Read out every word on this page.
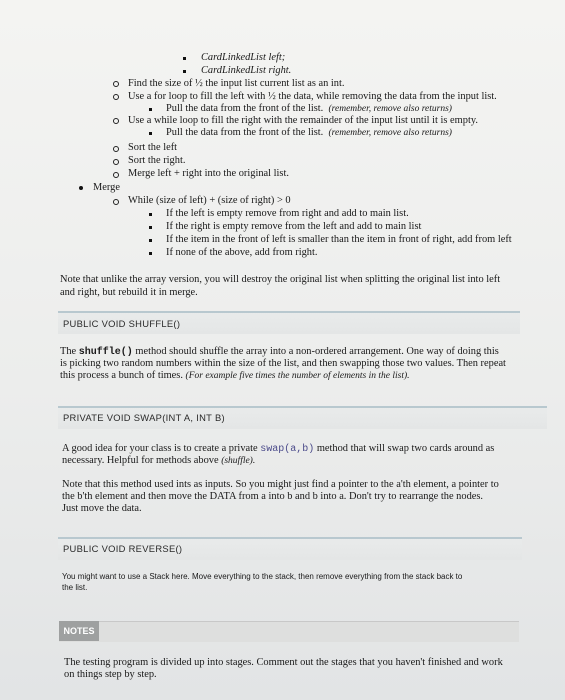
CardLinkedList left;
CardLinkedList right.
Find the size of ½ the input list current list as an int.
Use a for loop to fill the left with ½ the data, while removing the data from the input list.
Pull the data from the front of the list. (remember, remove also returns)
Use a while loop to fill the right with the remainder of the input list until it is empty.
Pull the data from the front of the list. (remember, remove also returns)
Sort the left
Sort the right.
Merge left + right into the original list.
Merge
While (size of left) + (size of right) > 0
If the left is empty remove from right and add to main list.
If the right is empty remove from the left and add to main list
If the item in the front of left is smaller than the item in front of right, add from left
If none of the above, add from right.
Note that unlike the array version, you will destroy the original list when splitting the original list into left
and right, but rebuild it in merge.
PUBLIC VOID SHUFFLE()
The shuffle() method should shuffle the array into a non-ordered arrangement. One way of doing this
is picking two random numbers within the size of the list, and then swapping those two values. Then repeat
this process a bunch of times. (For example five times the number of elements in the list).
PRIVATE VOID SWAP(INT A, INT B)
A good idea for your class is to create a private swap(a,b) method that will swap two cards around as
necessary. Helpful for methods above (shuffle).
Note that this method used ints as inputs. So you might just find a pointer to the a'th element, a pointer to
the b'th element and then move the DATA from a into b and b into a. Don't try to rearrange the nodes.
Just move the data.
PUBLIC VOID REVERSE()
You might want to use a Stack here. Move everything to the stack, then remove everything from the stack back to
the list.
NOTES
The testing program is divided up into stages. Comment out the stages that you haven't finished and work
on things step by step.
